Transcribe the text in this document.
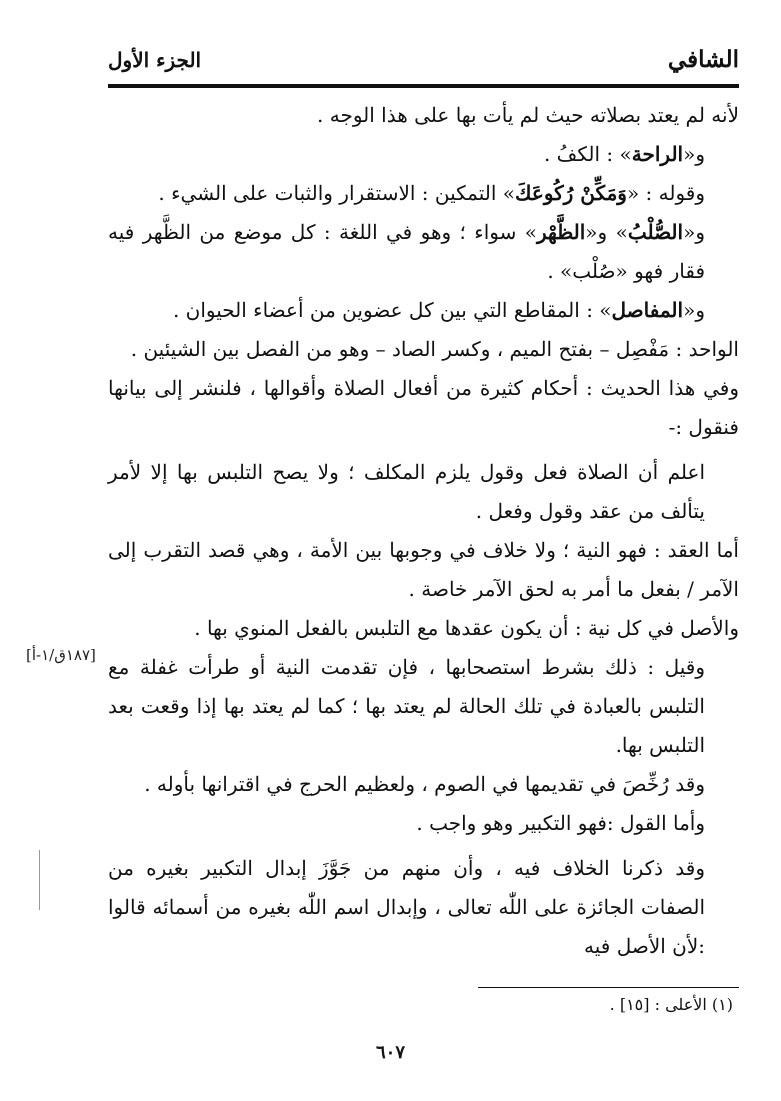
الشافي
الجزء الأول

لأنه لم يعتد بصلاته حيث لم يأت بها على هذا الوجه .

و«الراحة» : الكفُ .

وقوله : «وَمَكِّنْ رُكُوعَكَ» التمكين : الاستقرار والثبات على الشيء .

و«الصُّلْبُ» و«الظَّهْر» سواء ؛ وهو في اللغة : كل موضع من الظَّهر فيه فقار فهو «صُلْب» .

و«المفاصل» : المقاطع التي بين كل عضوين من أعضاء الحيوان .

الواحد : مَفْصِل – بفتح الميم ، وكسر الصاد – وهو من الفصل بين الشيئين .

وفي هذا الحديث : أحكام كثيرة من أفعال الصلاة وأقوالها ، فلنشر إلى بيانها فنقول :-

اعلم أن الصلاة فعل وقول يلزم المكلف ؛ ولا يصح التلبس بها إلا لأمر يتألف من عقد وقول وفعل .

أما العقد : فهو النية ؛ ولا خلاف في وجوبها بين الأمة ، وهي قصد التقرب إلى الآمر / بفعل ما أمر به لحق الآمر خاصة .

والأصل في كل نية : أن يكون عقدها مع التلبس بالفعل المنوي بها .

وقيل : ذلك بشرط استصحابها ، فإن تقدمت النية أو طرأت غفلة مع التلبس بالعبادة في تلك الحالة لم يعتد بها ؛ كما لم يعتد بها إذا وقعت بعد التلبس بها.

وقد رُخِّصَ في تقديمها في الصوم ، ولعظيم الحرج في اقترانها بأوله .

وأما القول :فهو التكبير وهو واجب .

وقد ذكرنا الخلاف فيه ، وأن منهم من جَوَّزَ إبدال التكبير بغيره من الصفات الجائزة على اللّٰه تعالى ، وإبدال اسم اللّٰه بغيره من أسمائه قالوا :لأن الأصل فيه

[١٨٧ق/١-أ]
(١) الأعلى : [١٥] .
٦٠٧
